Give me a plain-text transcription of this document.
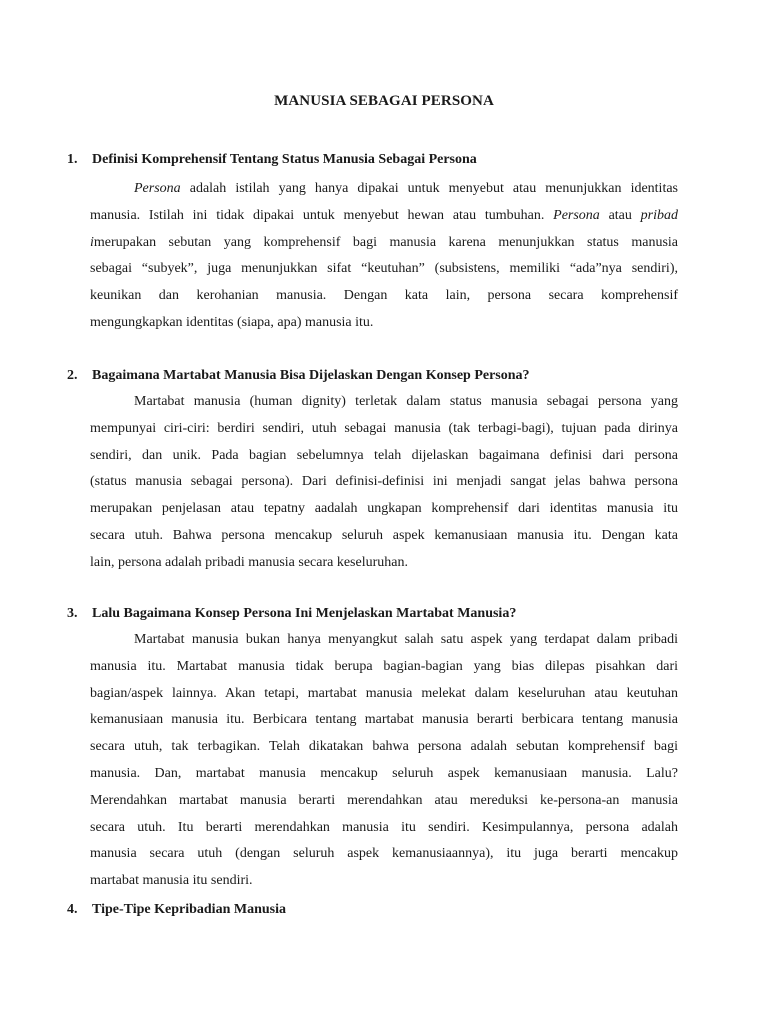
MANUSIA SEBAGAI PERSONA
1. Definisi Komprehensif Tentang Status Manusia Sebagai Persona
Persona adalah istilah yang hanya dipakai untuk menyebut atau menunjukkan identitas
manusia. Istilah ini tidak dipakai untuk menyebut hewan atau tumbuhan. Persona atau pribad
imerupakan sebutan yang komprehensif bagi manusia karena menunjukkan status manusia
sebagai “subyek”, juga menunjukkan sifat “keutuhan” (subsistens, memiliki “ada”nya sendiri),
keunikan dan kerohanian manusia. Dengan kata lain, persona secara komprehensif
mengungkapkan identitas (siapa, apa) manusia itu.
2. Bagaimana Martabat Manusia Bisa Dijelaskan Dengan Konsep Persona?
Martabat manusia (human dignity) terletak dalam status manusia sebagai persona yang
mempunyai ciri-ciri: berdiri sendiri, utuh sebagai manusia (tak terbagi-bagi), tujuan pada dirinya
sendiri, dan unik. Pada bagian sebelumnya telah dijelaskan bagaimana definisi dari persona
(status manusia sebagai persona). Dari definisi-definisi ini menjadi sangat jelas bahwa persona
merupakan penjelasan atau tepatny aadalah ungkapan komprehensif dari identitas manusia itu
secara utuh. Bahwa persona mencakup seluruh aspek kemanusiaan manusia itu. Dengan kata
lain, persona adalah pribadi manusia secara keseluruhan.
3. Lalu Bagaimana Konsep Persona Ini Menjelaskan Martabat Manusia?
Martabat manusia bukan hanya menyangkut salah satu aspek yang terdapat dalam pribadi
manusia itu. Martabat manusia tidak berupa bagian-bagian yang bias dilepas pisahkan dari
bagian/aspek lainnya. Akan tetapi, martabat manusia melekat dalam keseluruhan atau keutuhan
kemanusiaan manusia itu. Berbicara tentang martabat manusia berarti berbicara tentang manusia
secara utuh, tak terbagikan. Telah dikatakan bahwa persona adalah sebutan komprehensif bagi
manusia. Dan, martabat manusia mencakup seluruh aspek kemanusiaan manusia. Lalu?
Merendahkan martabat manusia berarti merendahkan atau mereduksi ke-persona-an manusia
secara utuh. Itu berarti merendahkan manusia itu sendiri. Kesimpulannya, persona adalah
manusia secara utuh (dengan seluruh aspek kemanusiaannya), itu juga berarti mencakup
martabat manusia itu sendiri.
4. Tipe-Tipe Kepribadian Manusia
